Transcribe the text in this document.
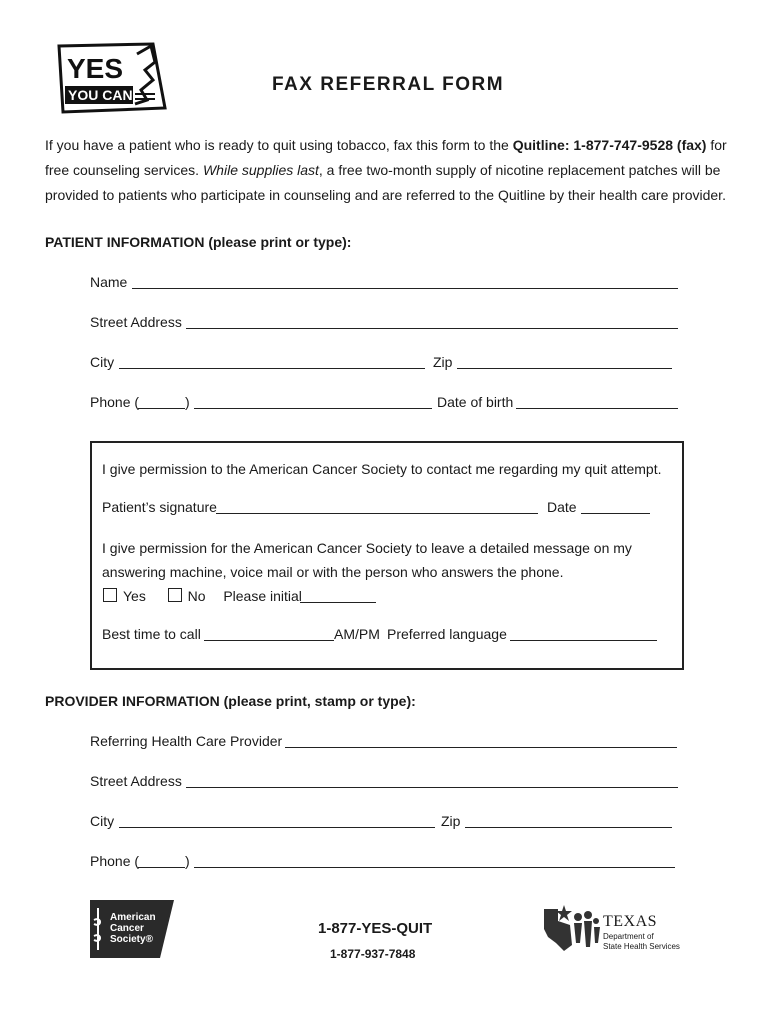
YES
YOU CAN	FAX REFERRAL FORM
If you have a patient who is ready to quit using tobacco, fax this form to the Quitline: 1-877-747-9528 (fax) for free counseling services. While supplies last, a free two-month supply of nicotine replacement patches will be provided to patients who participate in counseling and are referred to the Quitline by their health care provider.
PATIENT INFORMATION (please print or type):
Name
Street Address
City	Zip
Phone (	)	Date of birth
I give permission to the American Cancer Society to contact me regarding my quit attempt.
Patient’s signature	Date
I give permission for the American Cancer Society to leave a detailed message on my
answering machine, voice mail or with the person who answers the phone.
Yes	No Please initial
Best time to call	AM/PM Preferred language
PROVIDER INFORMATION (please print, stamp or type):
Referring Health Care Provider
Street Address
City	Zip
Phone (	)
American
Cancer
Society®
1-877-YES-QUIT
1-877-937-7848
TEXAS
Department of
State Health Services
